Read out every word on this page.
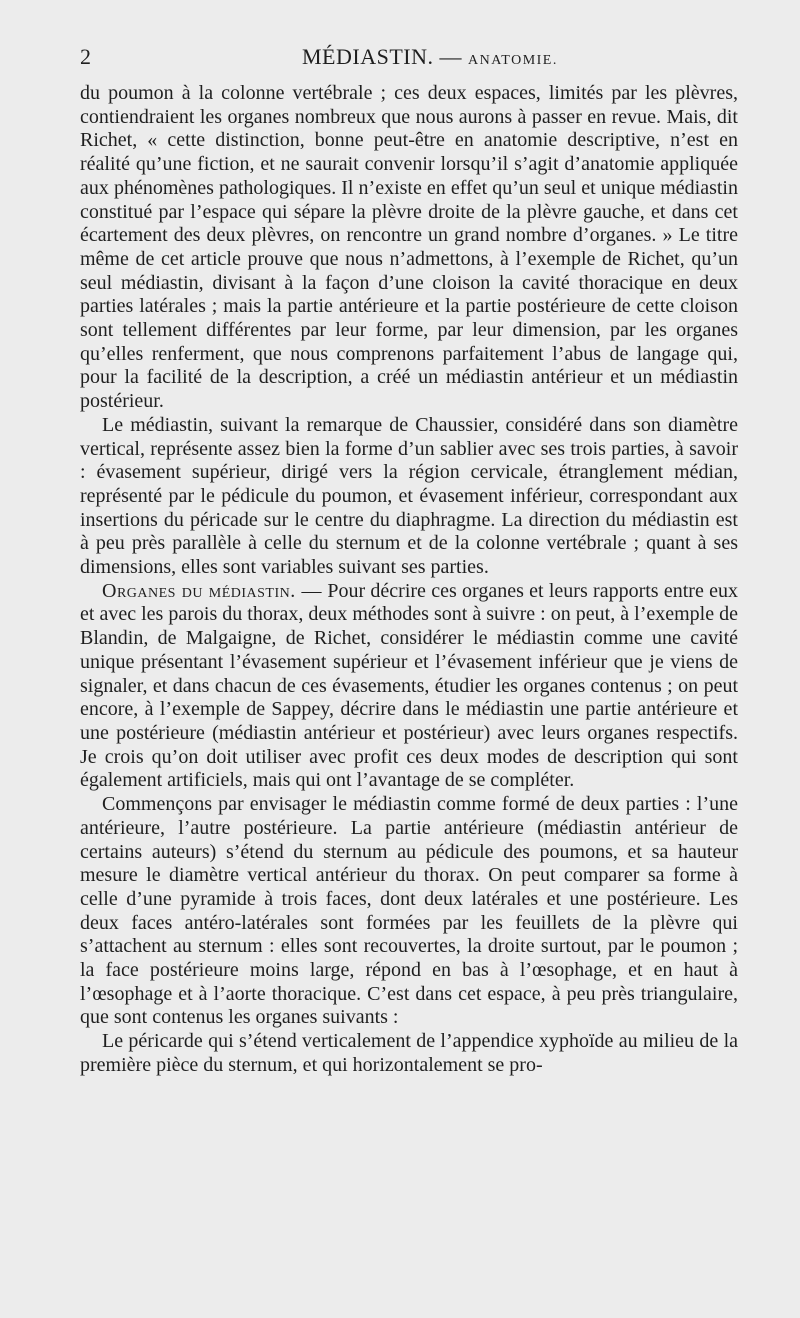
2	MÉDIASTIN. — ANATOMIE.

du poumon à la colonne vertébrale ; ces deux espaces, limités par les plèvres, contiendraient les organes nombreux que nous aurons à passer en revue. Mais, dit Richet, « cette distinction, bonne peut-être en anatomie descriptive, n’est en réalité qu’une fiction, et ne saurait convenir lorsqu’il s’agit d’anatomie appliquée aux phénomènes pathologiques. Il n’existe en effet qu’un seul et unique médiastin constitué par l’espace qui sépare la plèvre droite de la plèvre gauche, et dans cet écartement des deux plèvres, on rencontre un grand nombre d’organes. » Le titre même de cet article prouve que nous n’admettons, à l’exemple de Richet, qu’un seul médiastin, divisant à la façon d’une cloison la cavité thoracique en deux parties latérales ; mais la partie antérieure et la partie postérieure de cette cloison sont tellement différentes par leur forme, par leur dimension, par les organes qu’elles renferment, que nous comprenons parfaitement l’abus de langage qui, pour la facilité de la description, a créé un médiastin antérieur et un médiastin postérieur.

Le médiastin, suivant la remarque de Chaussier, considéré dans son diamètre vertical, représente assez bien la forme d’un sablier avec ses trois parties, à savoir : évasement supérieur, dirigé vers la région cervicale, étranglement médian, représenté par le pédicule du poumon, et évasement inférieur, correspondant aux insertions du péricade sur le centre du diaphragme. La direction du médiastin est à peu près parallèle à celle du sternum et de la colonne vertébrale ; quant à ses dimensions, elles sont variables suivant ses parties.

Organes du médiastin. — Pour décrire ces organes et leurs rapports entre eux et avec les parois du thorax, deux méthodes sont à suivre : on peut, à l’exemple de Blandin, de Malgaigne, de Richet, considérer le médiastin comme une cavité unique présentant l’évasement supérieur et l’évasement inférieur que je viens de signaler, et dans chacun de ces évasements, étudier les organes contenus ; on peut encore, à l’exemple de Sappey, décrire dans le médiastin une partie antérieure et une postérieure (médiastin antérieur et postérieur) avec leurs organes respectifs. Je crois qu’on doit utiliser avec profit ces deux modes de description qui sont également artificiels, mais qui ont l’avantage de se compléter.

Commençons par envisager le médiastin comme formé de deux parties : l’une antérieure, l’autre postérieure. La partie antérieure (médiastin antérieur de certains auteurs) s’étend du sternum au pédicule des poumons, et sa hauteur mesure le diamètre vertical antérieur du thorax. On peut comparer sa forme à celle d’une pyramide à trois faces, dont deux latérales et une postérieure. Les deux faces antéro-latérales sont formées par les feuillets de la plèvre qui s’attachent au sternum : elles sont recouvertes, la droite surtout, par le poumon ; la face postérieure moins large, répond en bas à l’œsophage, et en haut à l’œsophage et à l’aorte thoracique. C’est dans cet espace, à peu près triangulaire, que sont contenus les organes suivants :

Le péricarde qui s’étend verticalement de l’appendice xyphoïde au milieu de la première pièce du sternum, et qui horizontalement se pro-
